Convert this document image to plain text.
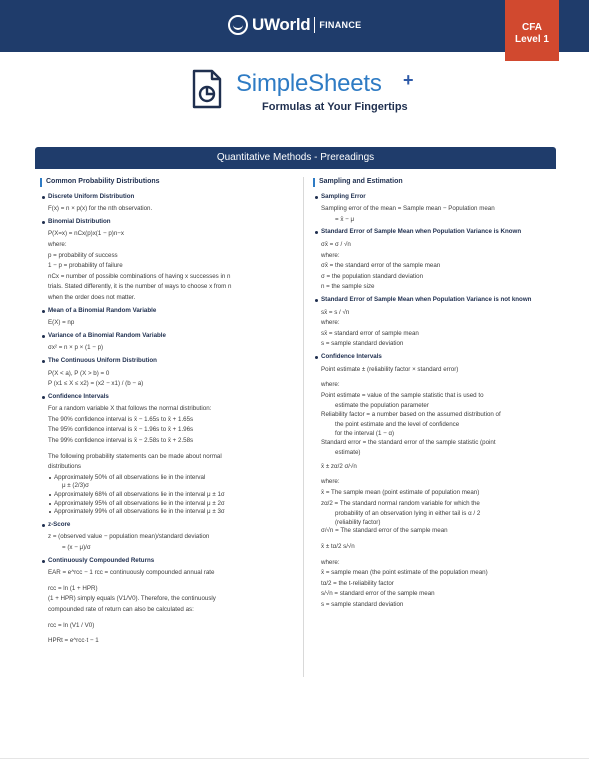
UWorld FINANCE	CFA
Level 1
SimpleSheets +
Formulas at Your Fingertips
Quantitative Methods - Prereadings
Common Probability Distributions
Discrete Uniform Distribution
F(x) = n × p(x) for the nth observation.
Binomial Distribution
P(X=x) = nCx(p)x(1 − p)n−x
where:
p = probability of success
1 − p = probability of failure
nCx = number of possible combinations of having x successes in n
trials. Stated differently, it is the number of ways to choose x from n
when the order does not matter.
Mean of a Binomial Random Variable
E(X) = np
Variance of a Binomial Random Variable
σx² = n × p × (1 − p)
The Continuous Uniform Distribution
P(X < a), P (X > b) = 0
P (x1 ≤ X ≤ x2) = (x2 − x1) / (b − a)
Confidence Intervals
For a random variable X that follows the normal distribution:
The 90% confidence interval is x̄ − 1.65s to x̄ + 1.65s
The 95% confidence interval is x̄ − 1.96s to x̄ + 1.96s
The 99% confidence interval is x̄ − 2.58s to x̄ + 2.58s
The following probability statements can be made about normal
distributions
Approximately 50% of all observations lie in the interval
μ ± (2/3)σ
Approximately 68% of all observations lie in the interval μ ± 1σ
Approximately 95% of all observations lie in the interval μ ± 2σ
Approximately 99% of all observations lie in the interval μ ± 3σ
z-Score
z = (observed value − population mean)/standard deviation
= (x − μ)/σ
Continuously Compounded Returns
EAR = e^rcc − 1 rcc = continuously compounded annual rate
rcc = ln (1 + HPR)
(1 + HPR) simply equals (V1/V0). Therefore, the continuously
compounded rate of return can also be calculated as:
rcc = ln (V1 / V0)
HPRt = e^rcc·t − 1
Sampling and Estimation
Sampling Error
Sampling error of the mean = Sample mean − Population mean
= x̄ − μ
Standard Error of Sample Mean when Population Variance is Known
σx̄ = σ / √n
where:
σx̄ = the standard error of the sample mean
σ = the population standard deviation
n = the sample size
Standard Error of Sample Mean when Population Variance is not known
sx̄ = s / √n
where:
sx̄ = standard error of sample mean
s = sample standard deviation
Confidence Intervals
Point estimate ± (reliability factor × standard error)
where:
Point estimate = value of the sample statistic that is used to
estimate the population parameter
Reliability factor = a number based on the assumed distribution of
the point estimate and the level of confidence
for the interval (1 − α)
Standard error = the standard error of the sample statistic (point
estimate)
x̄ ± zα/2 σ/√n
where:
x̄ = The sample mean (point estimate of population mean)
zα/2 = The standard normal random variable for which the
probability of an observation lying in either tail is α / 2
(reliability factor)
σ/√n = The standard error of the sample mean
x̄ ± tα/2 s/√n
where:
x̄ = sample mean (the point estimate of the population mean)
tα/2 = the t-reliability factor
s/√n = standard error of the sample mean
s = sample standard deviation
